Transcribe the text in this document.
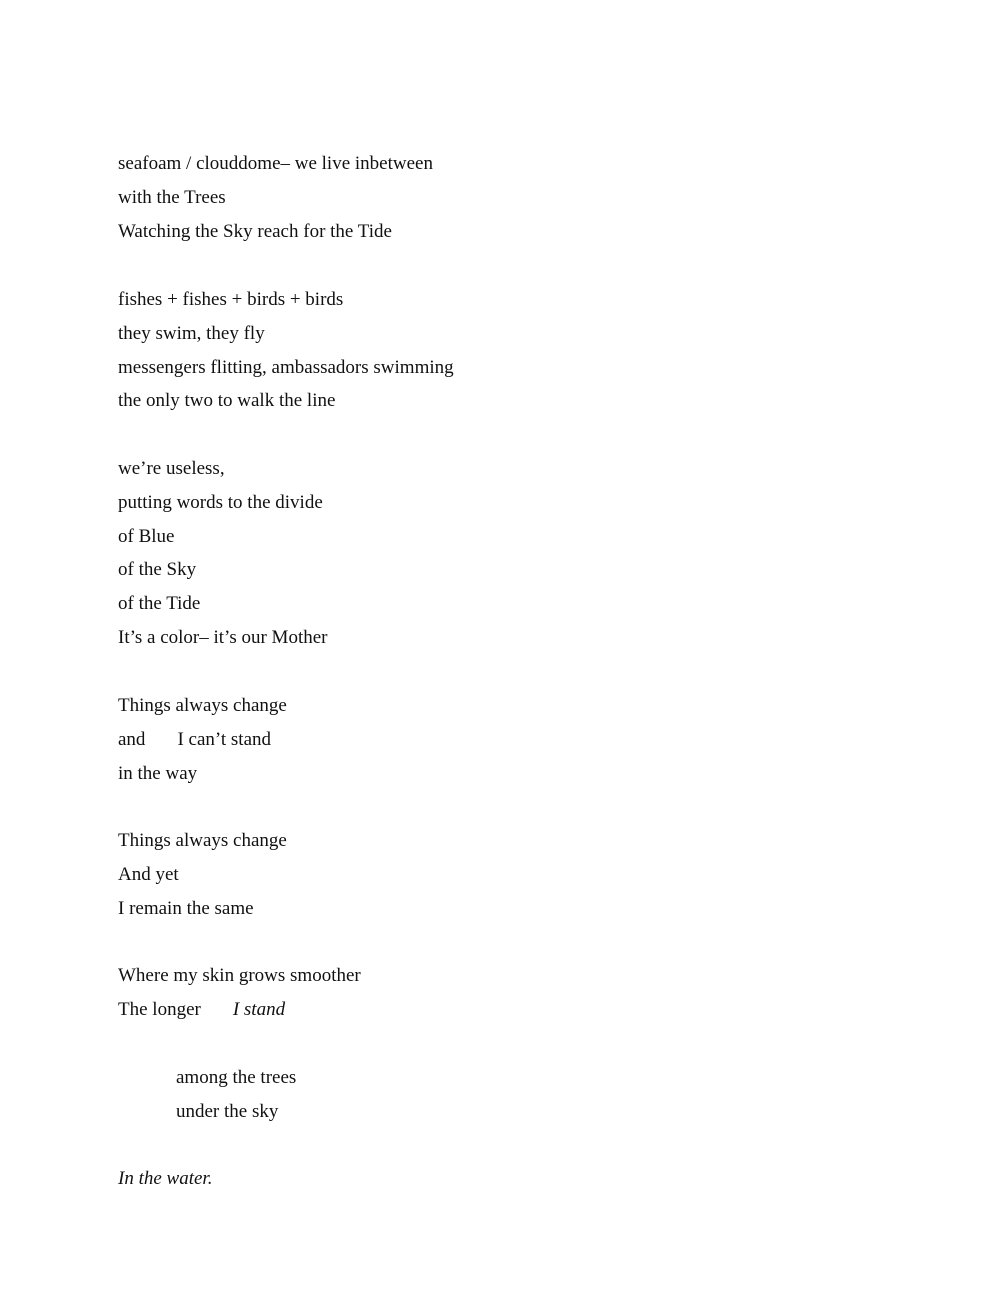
seafoam / clouddome– we live inbetween
with the Trees
Watching the Sky reach for the Tide
fishes + fishes + birds + birds
they swim, they fly
messengers flitting, ambassadors swimming
the only two to walk the line
we’re useless,
putting words to the divide
of Blue
of the Sky
of the Tide
It’s a color– it’s our Mother
Things always change
and I can’t stand
in the way
Things always change
And yet
I remain the same
Where my skin grows smoother
The longer I stand
among the trees
under the sky
In the water.
